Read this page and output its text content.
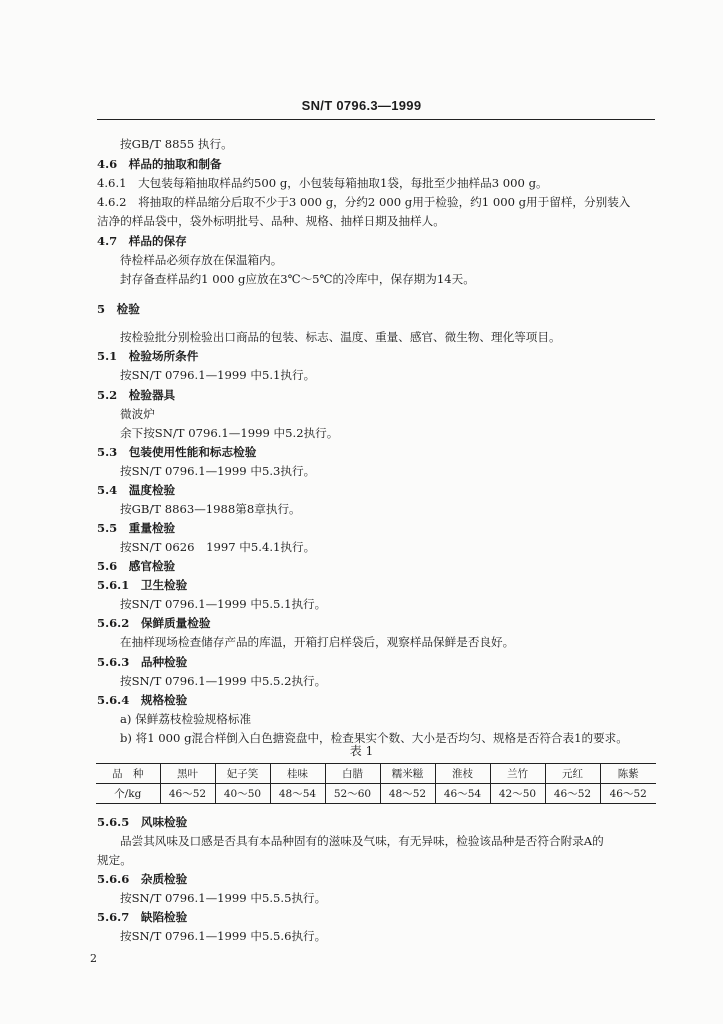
SN/T 0796.3—1999
按GB/T 8855 执行。
4.6　样品的抽取和制备
4.6.1　大包装每箱抽取样品约500 g，小包装每箱抽取1袋，每批至少抽样品3 000 g。
4.6.2　将抽取的样品缩分后取不少于3 000 g，分约2 000 g用于检验，约1 000 g用于留样，分别装入
洁净的样品袋中，袋外标明批号、品种、规格、抽样日期及抽样人。
4.7　样品的保存
待检样品必须存放在保温箱内。
封存备查样品约1 000 g应放在3℃～5℃的冷库中，保存期为14天。
5　检验
按检验批分别检验出口商品的包装、标志、温度、重量、感官、微生物、理化等项目。
5.1　检验场所条件
按SN/T 0796.1—1999 中5.1执行。
5.2　检验器具
微波炉
余下按SN/T 0796.1—1999 中5.2执行。
5.3　包装使用性能和标志检验
按SN/T 0796.1—1999 中5.3执行。
5.4　温度检验
按GB/T 8863—1988第8章执行。
5.5　重量检验
按SN/T 0626　1997 中5.4.1执行。
5.6　感官检验
5.6.1　卫生检验
按SN/T 0796.1—1999 中5.5.1执行。
5.6.2　保鲜质量检验
在抽样现场检查储存产品的库温，开箱打启样袋后，观察样品保鲜是否良好。
5.6.3　品种检验
按SN/T 0796.1—1999 中5.5.2执行。
5.6.4　规格检验
a) 保鲜荔枝检验规格标准
b) 将1 000 g混合样倒入白色搪瓷盘中，检查果实个数、大小是否均匀、规格是否符合表1的要求。
表 1
品　种	黑叶	妃子笑	桂味	白腊	糯米糍	淮枝	兰竹	元红	陈紫
个/kg	46～52	40～50	48～54	52～60	48～52	46～54	42～50	46～52	46～52
5.6.5　风味检验
品尝其风味及口感是否具有本品种固有的滋味及气味，有无异味，检验该品种是否符合附录A的
规定。
5.6.6　杂质检验
按SN/T 0796.1—1999 中5.5.5执行。
5.6.7　缺陷检验
按SN/T 0796.1—1999 中5.5.6执行。
2
